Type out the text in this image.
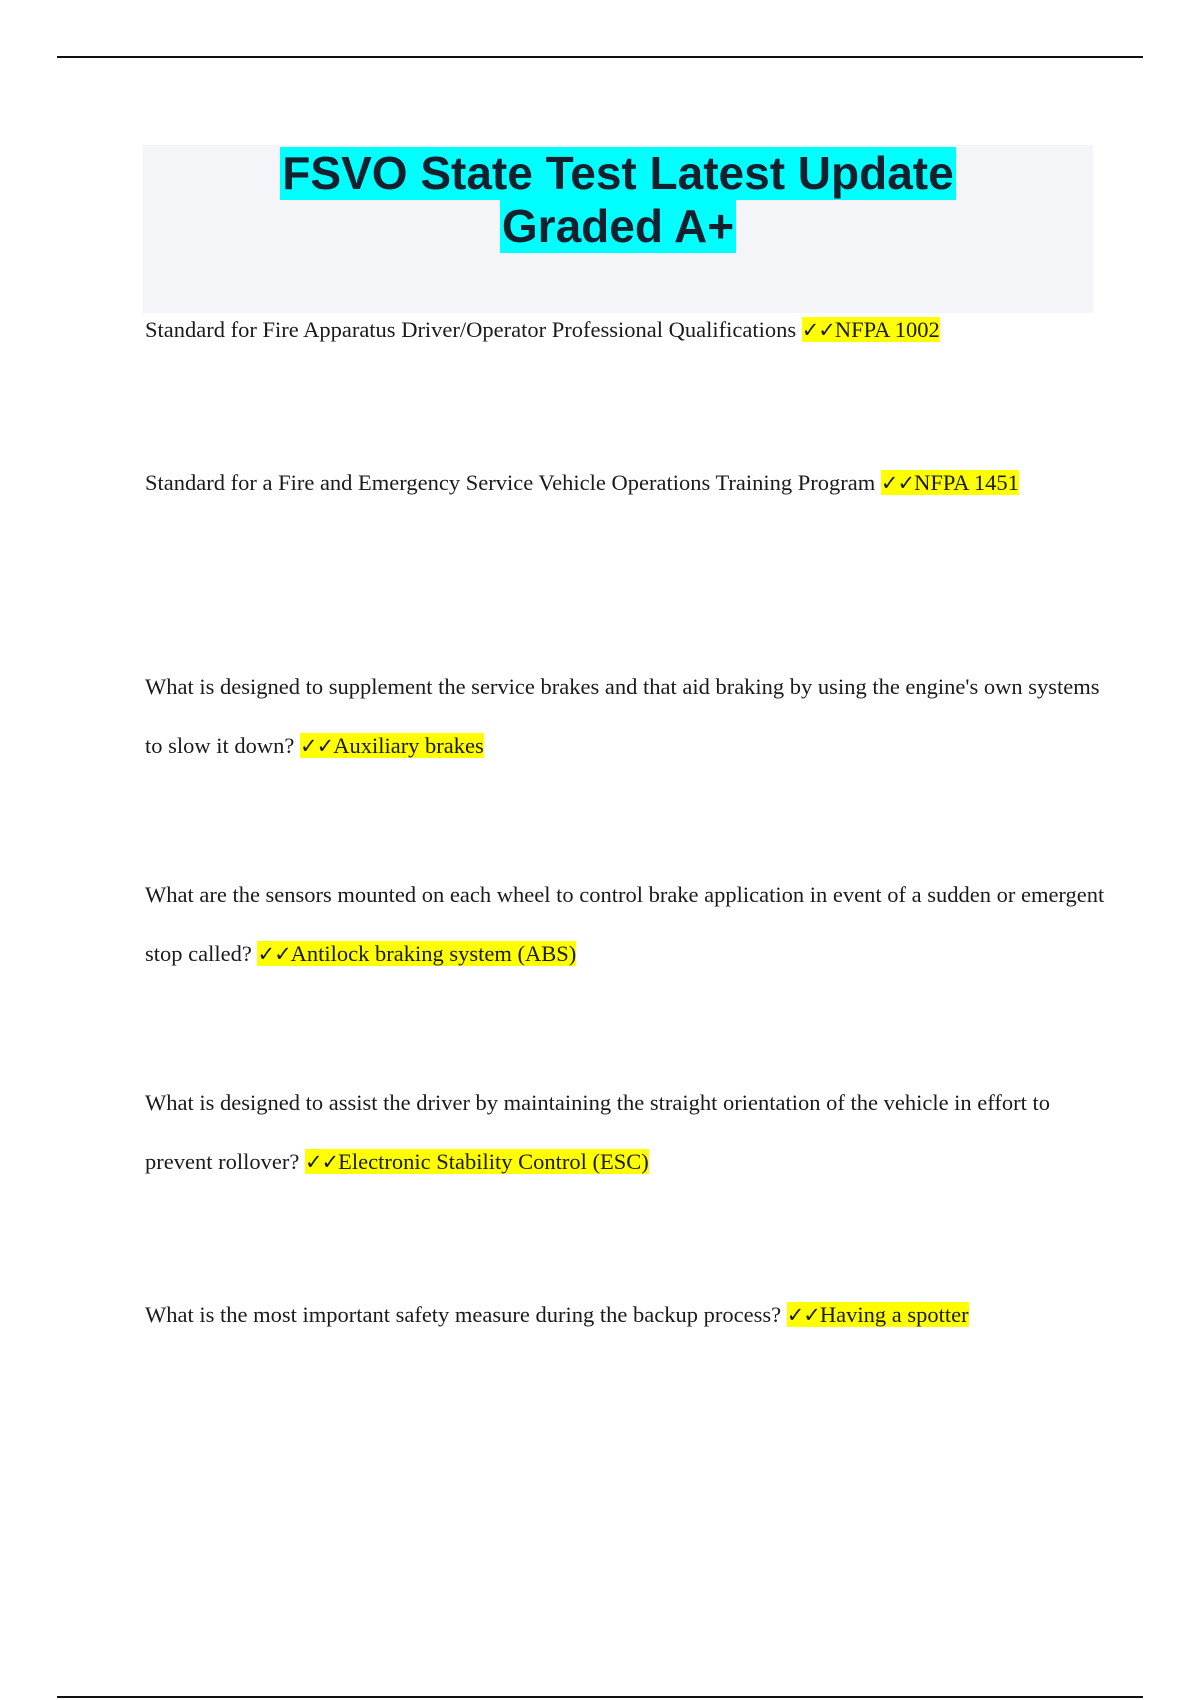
FSVO State Test Latest Update
Graded A+

Standard for Fire Apparatus Driver/Operator Professional Qualifications ✓✓NFPA 1002

Standard for a Fire and Emergency Service Vehicle Operations Training Program ✓✓NFPA 1451

What is designed to supplement the service brakes and that aid braking by using the engine's own systems to slow it down? ✓✓Auxiliary brakes

What are the sensors mounted on each wheel to control brake application in event of a sudden or emergent stop called? ✓✓Antilock braking system (ABS)

What is designed to assist the driver by maintaining the straight orientation of the vehicle in effort to prevent rollover? ✓✓Electronic Stability Control (ESC)

What is the most important safety measure during the backup process? ✓✓Having a spotter
